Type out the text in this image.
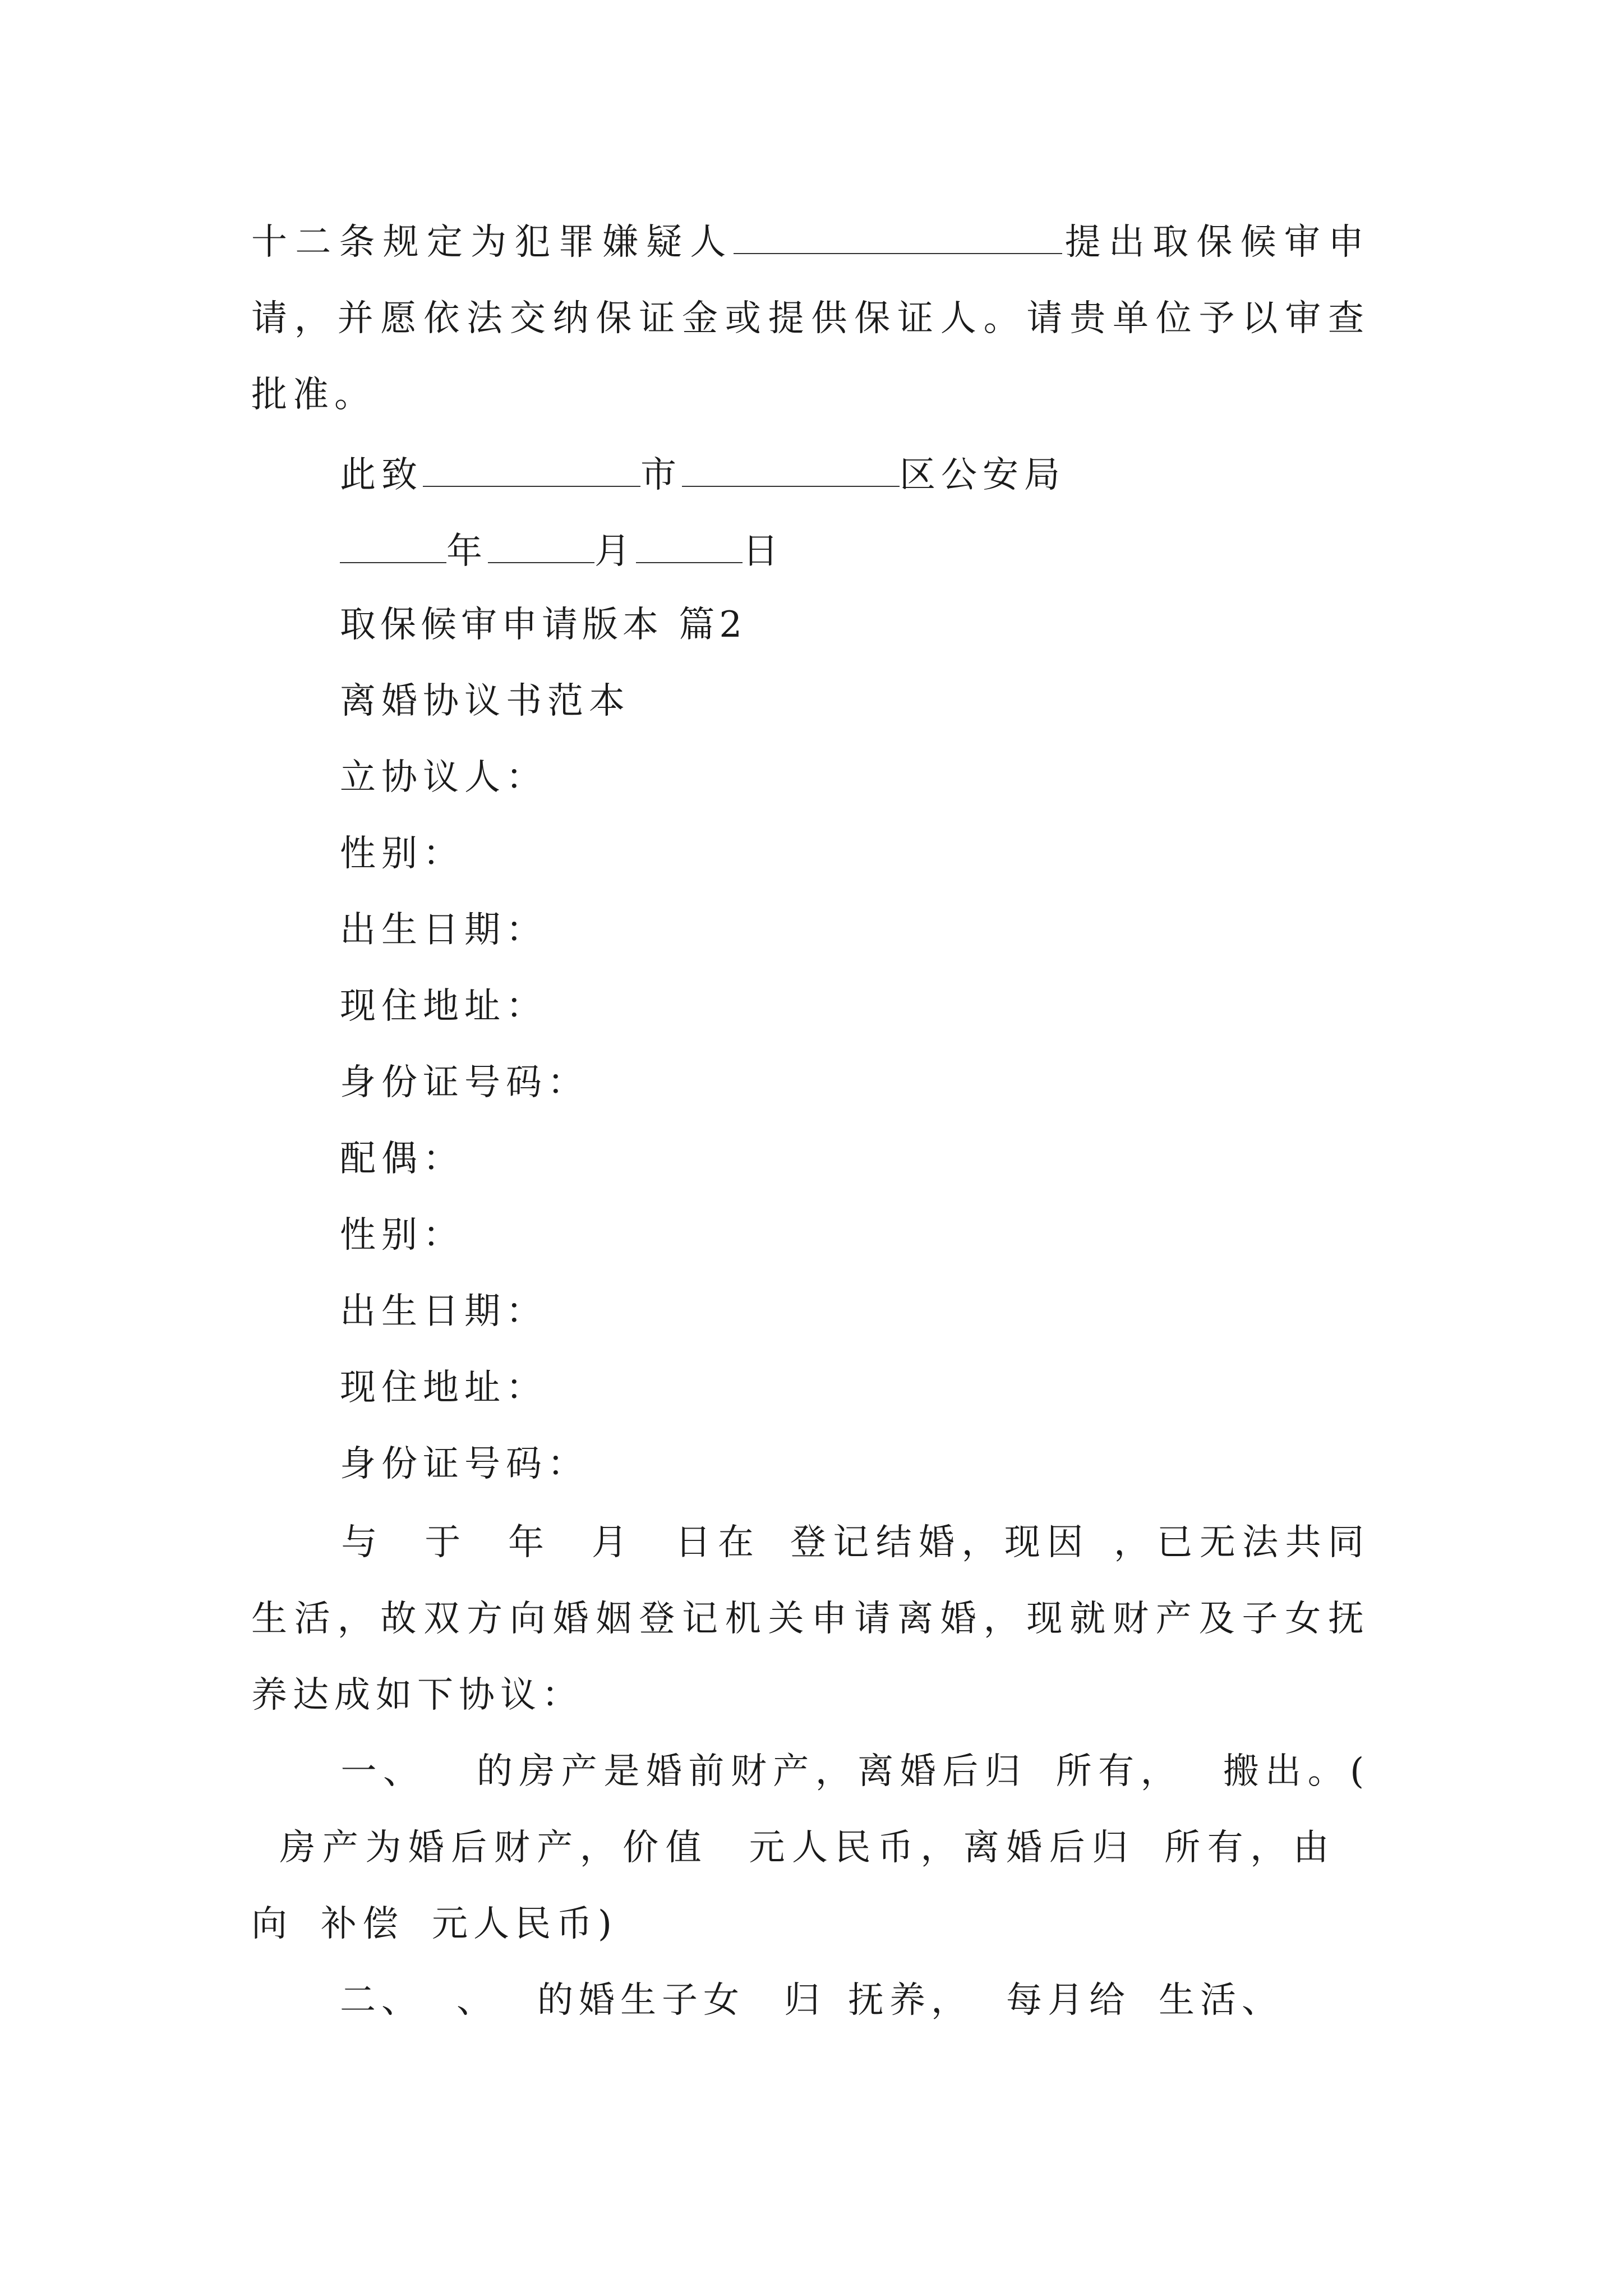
十二条规定为犯罪嫌疑人	提出取保候审申请，并愿依法交纳保证金或提供保证人。请贵单位予以审查批准。
此致	市	区公安局
年	月	日
取保候审申请版本 篇2
离婚协议书范本
立协议人：
性别：
出生日期：
现住地址：
身份证号码：
配偶：
性别：
出生日期：
现住地址：
身份证号码：
与 于 年 月 日在 登记结婚，现因 ，已无法共同生活，故双方向婚姻登记机关申请离婚，现就财产及子女抚养达成如下协议：
一、 的房产是婚前财产，离婚后归 所有， 搬出。(房产为婚后财产，价值 元人民币，离婚后归 所有，由向 补偿 元人民币)
二、 、 的婚生子女 归 抚养， 每月给 生活、
